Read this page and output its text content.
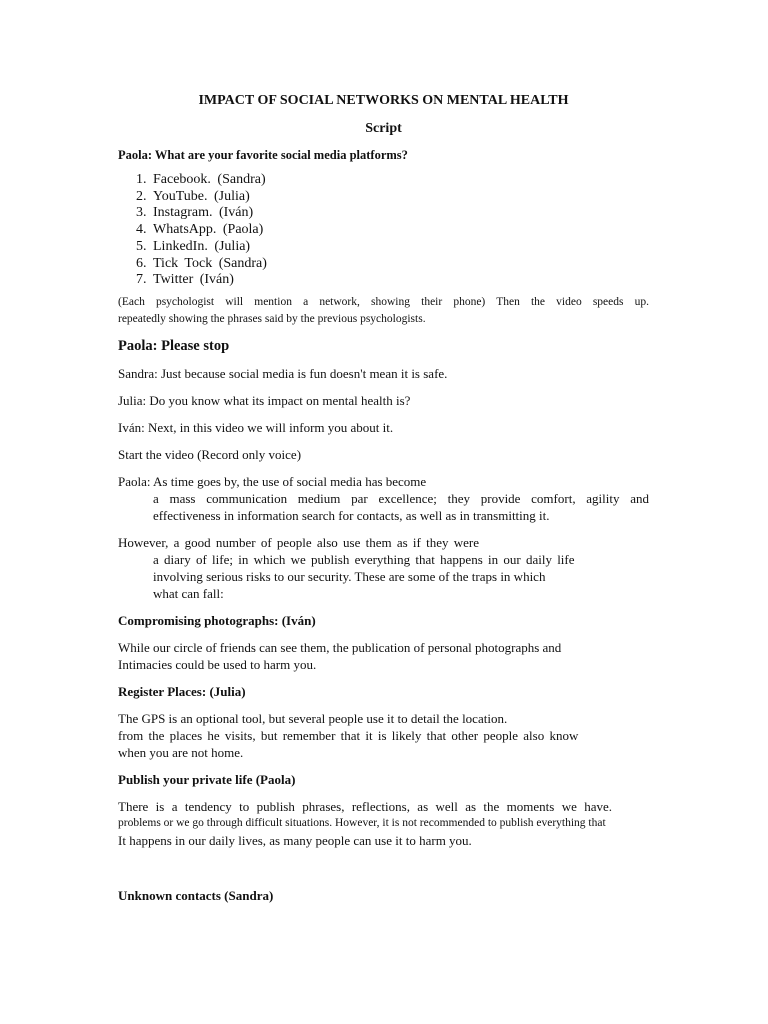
IMPACT OF SOCIAL NETWORKS ON MENTAL HEALTH
Script
Paola: What are your favorite social media platforms?
1. Facebook. (Sandra)
2. YouTube. (Julia)
3. Instagram. (Iván)
4. WhatsApp. (Paola)
5. LinkedIn. (Julia)
6. Tick Tock (Sandra)
7. Twitter (Iván)
(Each psychologist will mention a network, showing their phone) Then the video speeds up.
repeatedly showing the phrases said by the previous psychologists.
Paola: Please stop
Sandra: Just because social media is fun doesn't mean it is safe.
Julia: Do you know what its impact on mental health is?
Iván: Next, in this video we will inform you about it.
Start the video (Record only voice)
Paola: As time goes by, the use of social media has become
a mass communication medium par excellence; they provide comfort, agility and
effectiveness in information search for contacts, as well as in transmitting it.
However, a good number of people also use them as if they were
a diary of life; in which we publish everything that happens in our daily life
involving serious risks to our security. These are some of the traps in which
what can fall:
Compromising photographs: (Iván)
While our circle of friends can see them, the publication of personal photographs and
Intimacies could be used to harm you.
Register Places: (Julia)
The GPS is an optional tool, but several people use it to detail the location.
from the places he visits, but remember that it is likely that other people also know
when you are not home.
Publish your private life (Paola)
There is a tendency to publish phrases, reflections, as well as the moments we have.
problems or we go through difficult situations. However, it is not recommended to publish everything that
It happens in our daily lives, as many people can use it to harm you.
Unknown contacts (Sandra)
